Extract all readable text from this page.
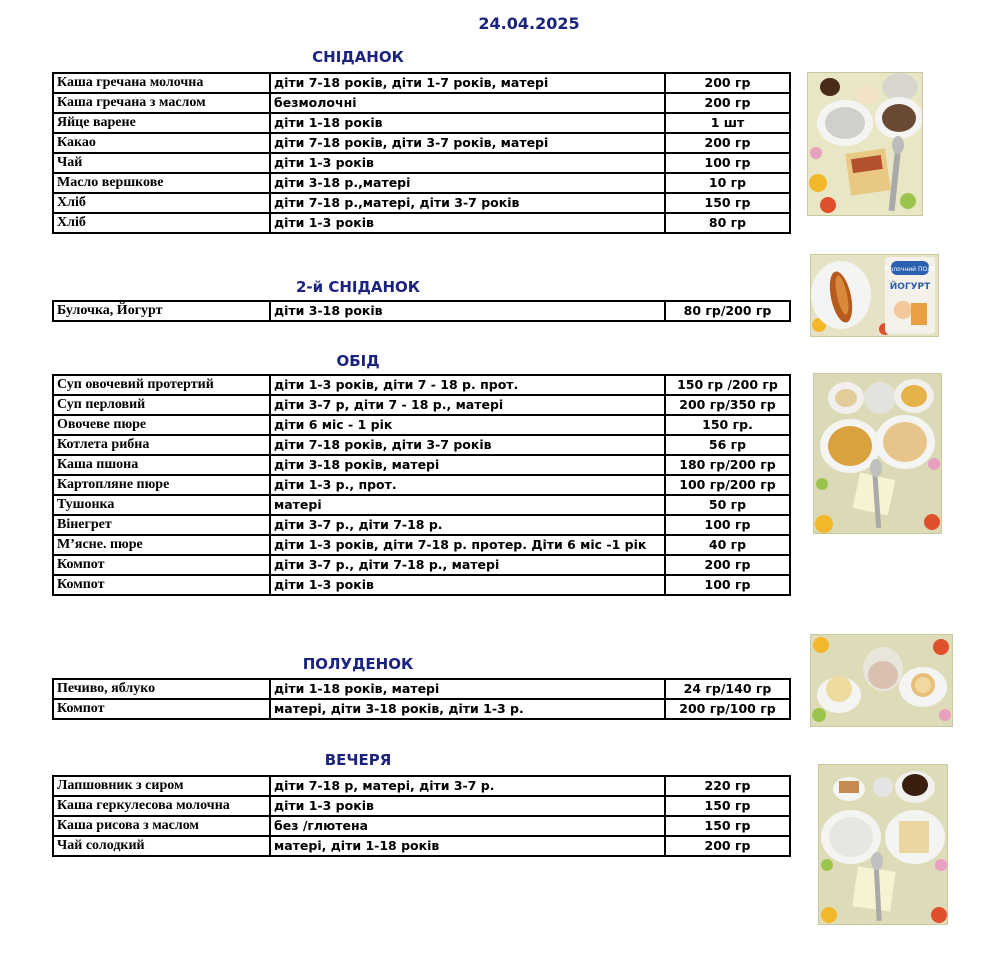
24.04.2025
СНІДАНОК
2-й СНІДАНОК
ОБІД
ПОЛУДЕНОК
ВЕЧЕРЯ
Каша гречана молочна	діти 7-18 років, діти 1-7 років, матері	200 гр
Каша гречана з маслом	безмолочні	200 гр
Яйце варене	діти 1-18 років	1 шт
Какао	діти 7-18 років, діти 3-7 років, матері	200 гр
Чай	діти 1-3 років	100 гр
Масло вершкове	діти 3-18 р.,матері	10 гр
Хліб	діти 7-18 р.,матері, діти 3-7 років	150 гр
Хліб	діти 1-3 років	80 гр
Булочка, Йогурт	діти 3-18 років	80 гр/200 гр
Суп овочевий протертий	діти 1-3 років, діти 7 - 18 р. прот.	150 гр /200 гр
Суп перловий	діти 3-7 р, діти 7 - 18 р., матері	200 гр/350 гр
Овочеве пюре	діти 6 міс - 1 рік	150 гр.
Котлета рибна	діти 7-18 років, діти 3-7 років	56 гр
Каша пшона	діти 3-18 років, матері	180 гр/200 гр
Картопляне пюре	діти 1-3 р., прот.	100 гр/200 гр
Тушонка	матері	50 гр
Вінегрет	діти 3-7 р., діти 7-18 р.	100 гр
М’ясне. пюре	діти 1-3 років, діти 7-18 р. протер. Діти 6 міс -1 рік	40 гр
Компот	діти 3-7 р., діти 7-18 р., матері	200 гр
Компот	діти 1-3 років	100 гр
Печиво, яблуко	діти 1-18 років, матері	24 гр/140 гр
Компот	матері, діти 3-18 років, діти 1-3 р.	200 гр/100 гр
Лапшовник з сиром	діти 7-18 р, матері, діти 3-7 р.	220 гр
Каша геркулесова молочна	діти 1-3 років	150 гр
Каша рисова з маслом	без /глютена	150 гр
Чай солодкий	матері, діти 1-18 років	200 гр
Молочний ПОЛЕ
ЙОГУРТ
